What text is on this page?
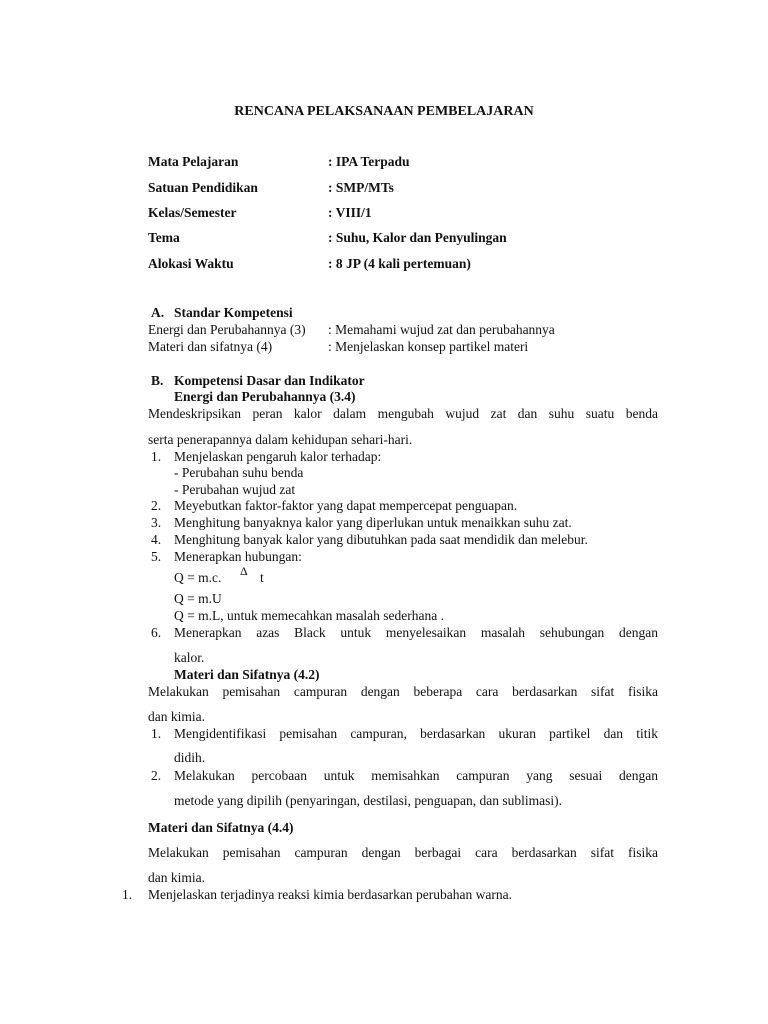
RENCANA PELAKSANAAN PEMBELAJARAN
Mata Pelajaran	: IPA Terpadu
Satuan Pendidikan	: SMP/MTs
Kelas/Semester	: VIII/1
Tema	: Suhu, Kalor dan Penyulingan
Alokasi Waktu	: 8 JP (4 kali pertemuan)
A. Standar Kompetensi
Energi dan Perubahannya (3) : Memahami wujud zat dan perubahannya
Materi dan sifatnya (4)	: Menjelaskan konsep partikel materi
B. Kompetensi Dasar dan Indikator
Energi dan Perubahannya (3.4)
Mendeskripsikan peran kalor dalam mengubah wujud zat dan suhu suatu benda
serta penerapannya dalam kehidupan sehari-hari.
1. Menjelaskan pengaruh kalor terhadap:
- Perubahan suhu benda
- Perubahan wujud zat
2. Meyebutkan faktor-faktor yang dapat mempercepat penguapan.
3. Menghitung banyaknya kalor yang diperlukan untuk menaikkan suhu zat.
4. Menghitung banyak kalor yang dibutuhkan pada saat mendidik dan melebur.
5. Menerapkan hubungan:
Q = m.c. Δ t
Q = m.U
Q = m.L, untuk memecahkan masalah sederhana .
6. Menerapkan azas Black untuk menyelesaikan masalah sehubungan dengan
kalor.
Materi dan Sifatnya (4.2)
Melakukan pemisahan campuran dengan beberapa cara berdasarkan sifat fisika
dan kimia.
1. Mengidentifikasi pemisahan campuran, berdasarkan ukuran partikel dan titik
didih.
2. Melakukan percobaan untuk memisahkan campuran yang sesuai dengan
metode yang dipilih (penyaringan, destilasi, penguapan, dan sublimasi).
Materi dan Sifatnya (4.4)
Melakukan pemisahan campuran dengan berbagai cara berdasarkan sifat fisika
dan kimia.
1.	Menjelaskan terjadinya reaksi kimia berdasarkan perubahan warna.
